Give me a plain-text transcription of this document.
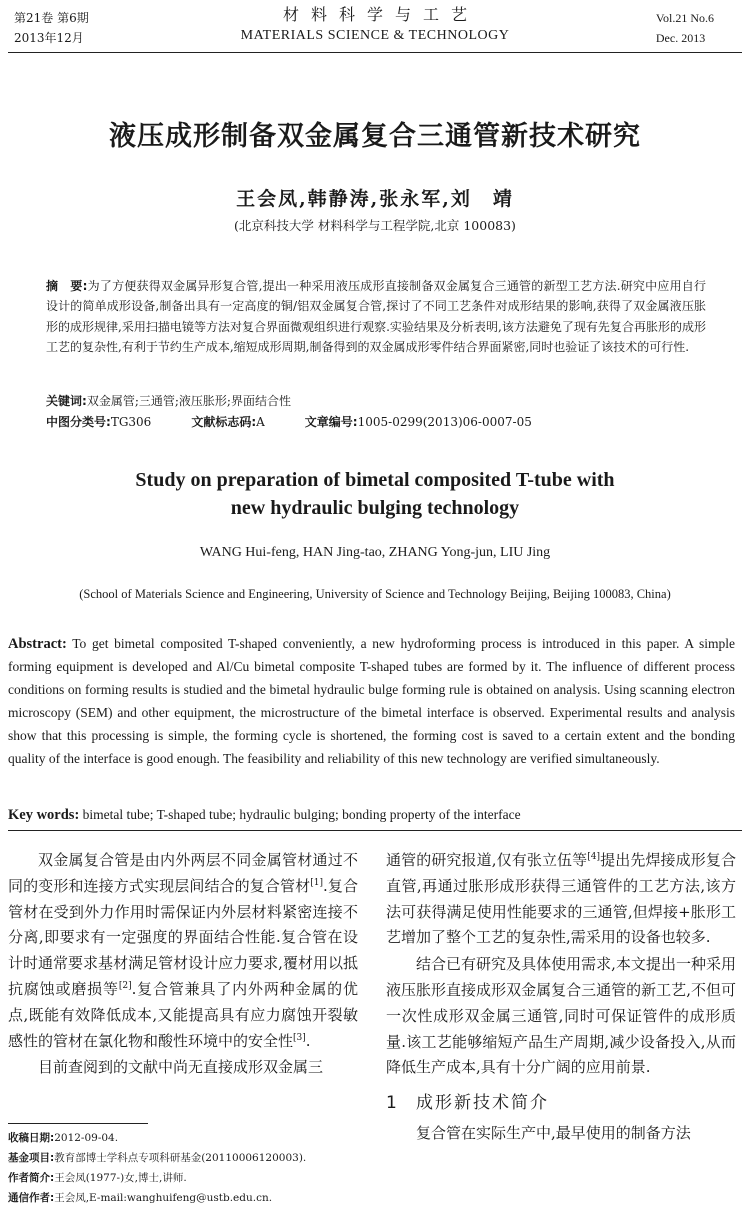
第21卷 第6期
2013年12月
材料科学与工艺
MATERIALS SCIENCE & TECHNOLOGY
Vol.21 No.6
Dec. 2013
液压成形制备双金属复合三通管新技术研究
王会凤,韩静涛,张永军,刘　靖
(北京科技大学 材料科学与工程学院,北京 100083)
摘　要:为了方便获得双金属异形复合管,提出一种采用液压成形直接制备双金属复合三通管的新型工艺方法.研究中应用自行设计的简单成形设备,制备出具有一定高度的铜/铝双金属复合管,探讨了不同工艺条件对成形结果的影响,获得了双金属液压胀形的成形规律,采用扫描电镜等方法对复合界面微观组织进行观察.实验结果及分析表明,该方法避免了现有先复合再胀形的成形工艺的复杂性,有利于节约生产成本,缩短成形周期,制备得到的双金属成形零件结合界面紧密,同时也验证了该技术的可行性.
关键词:双金属管;三通管;液压胀形;界面结合性
中图分类号:TG306	文献标志码:A	文章编号:1005-0299(2013)06-0007-05
Study on preparation of bimetal composited T-tube with
new hydraulic bulging technology
WANG Hui-feng, HAN Jing-tao, ZHANG Yong-jun, LIU Jing
(School of Materials Science and Engineering, University of Science and Technology Beijing, Beijing 100083, China)
Abstract: To get bimetal composited T-shaped conveniently, a new hydroforming process is introduced in this paper. A simple forming equipment is developed and Al/Cu bimetal composite T-shaped tubes are formed by it. The influence of different process conditions on forming results is studied and the bimetal hydraulic bulge forming rule is obtained on analysis. Using scanning electron microscopy (SEM) and other equipment, the microstructure of the bimetal interface is observed. Experimental results and analysis show that this processing is simple, the forming cycle is shortened, the forming cost is saved to a certain extent and the bonding quality of the interface is good enough. The feasibility and reliability of this new technology are verified simultaneously.
Key words: bimetal tube; T-shaped tube; hydraulic bulging; bonding property of the interface

双金属复合管是由内外两层不同金属管材通过不同的变形和连接方式实现层间结合的复合管材[1].复合管材在受到外力作用时需保证内外层材料紧密连接不分离,即要求有一定强度的界面结合性能.复合管在设计时通常要求基材满足管材设计应力要求,覆材用以抵抗腐蚀或磨损等[2].复合管兼具了内外两种金属的优点,既能有效降低成本,又能提高具有应力腐蚀开裂敏感性的管材在氯化物和酸性环境中的安全性[3].

目前查阅到的文献中尚无直接成形双金属三

通管的研究报道,仅有张立伍等[4]提出先焊接成形复合直管,再通过胀形成形获得三通管件的工艺方法,该方法可获得满足使用性能要求的三通管,但焊接+胀形工艺增加了整个工艺的复杂性,需采用的设备也较多.

结合已有研究及具体使用需求,本文提出一种采用液压胀形直接成形双金属复合三通管的新工艺,不但可一次性成形双金属三通管,同时可保证管件的成形质量.该工艺能够缩短产品生产周期,减少设备投入,从而降低生产成本,具有十分广阔的应用前景.

1 成形新技术简介

复合管在实际生产中,最早使用的制备方法

收稿日期:2012-09-04.
基金项目:教育部博士学科点专项科研基金(20110006120003).
作者简介:王会凤(1977-)女,博士,讲师.
通信作者:王会凤,E-mail:wanghuifeng@ustb.edu.cn.
